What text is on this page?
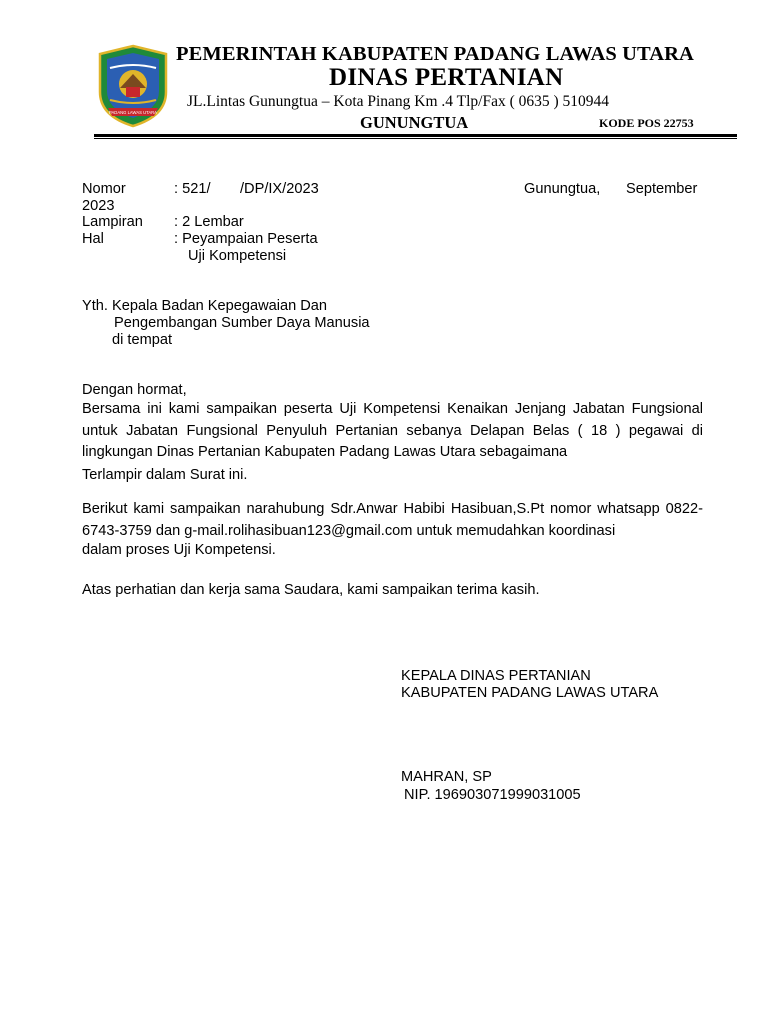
PADANG LAWAS UTARA
PEMERINTAH KABUPATEN PADANG LAWAS UTARA
DINAS PERTANIAN
JL.Lintas Gunungtua – Kota Pinang Km .4 Tlp/Fax ( 0635 ) 510944
GUNUNGTUA	KODE POS 22753
Nomor	: 521/ /DP/IX/2023	Gunungtua, September
2023
Lampiran : 2 Lembar
Hal	: Peyampaian Peserta
Uji Kompetensi
Yth. Kepala Badan Kepegawaian Dan
Pengembangan Sumber Daya Manusia
di tempat
Dengan hormat,
Bersama ini kami sampaikan peserta Uji Kompetensi Kenaikan Jenjang Jabatan Fungsional untuk Jabatan Fungsional Penyuluh Pertanian sebanya Delapan Belas ( 18 ) pegawai di lingkungan Dinas Pertanian Kabupaten Padang Lawas Utara sebagaimana
Terlampir dalam Surat ini.
Berikut kami sampaikan narahubung Sdr.Anwar Habibi Hasibuan,S.Pt nomor whatsapp 0822-6743-3759 dan g-mail.rolihasibuan123@gmail.com untuk memudahkan koordinasi
dalam proses Uji Kompetensi.
Atas perhatian dan kerja sama Saudara, kami sampaikan terima kasih.
KEPALA DINAS PERTANIAN
KABUPATEN PADANG LAWAS UTARA
MAHRAN, SP
NIP. 196903071999031005
